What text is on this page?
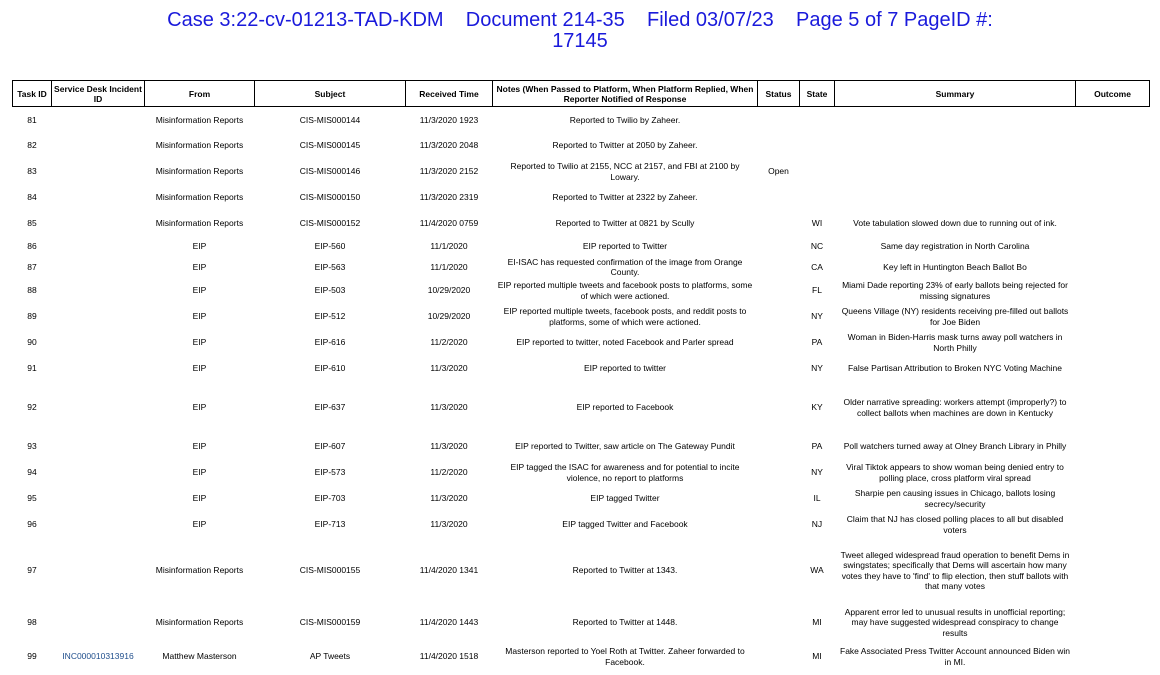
Case 3:22-cv-01213-TAD-KDM Document 214-35 Filed 03/07/23 Page 5 of 7 PageID #:
17145
Task ID	Service Desk Incident ID	From	Subject	Received Time	Notes (When Passed to Platform, When Platform Replied, When Reporter Notified of Response	Status	State	Summary	Outcome
81		Misinformation Reports	CIS-MIS000144	11/3/2020 1923	Reported to Twilio by Zaheer.				
82		Misinformation Reports	CIS-MIS000145	11/3/2020 2048	Reported to Twitter at 2050 by Zaheer.				
83		Misinformation Reports	CIS-MIS000146	11/3/2020 2152	Reported to Twilio at 2155, NCC at 2157, and FBI at 2100 by Lowary.	Open			
84		Misinformation Reports	CIS-MIS000150	11/3/2020 2319	Reported to Twitter at 2322 by Zaheer.				
85		Misinformation Reports	CIS-MIS000152	11/4/2020 0759	Reported to Twitter at 0821 by Scully		WI	Vote tabulation slowed down due to running out of ink.	
86		EIP	EIP-560	11/1/2020	EIP reported to Twitter		NC	Same day registration in North Carolina	
87		EIP	EIP-563	11/1/2020	EI-ISAC has requested confirmation of the image from Orange County.		CA	Key left in Huntington Beach Ballot Bo	
88		EIP	EIP-503	10/29/2020	EIP reported multiple tweets and facebook posts to platforms, some of which were actioned.		FL	Miami Dade reporting 23% of early ballots being rejected for missing signatures	
89		EIP	EIP-512	10/29/2020	EIP reported multiple tweets, facebook posts, and reddit posts to platforms, some of which were actioned.		NY	Queens Village (NY) residents receiving pre-filled out ballots for Joe Biden	
90		EIP	EIP-616	11/2/2020	EIP reported to twitter, noted Facebook and Parler spread		PA	Woman in Biden-Harris mask turns away poll watchers in North Philly	
91		EIP	EIP-610	11/3/2020	EIP reported to twitter		NY	False Partisan Attribution to Broken NYC Voting Machine	
92		EIP	EIP-637	11/3/2020	EIP reported to Facebook		KY	Older narrative spreading: workers attempt (improperly?) to collect ballots when machines are down in Kentucky	
93		EIP	EIP-607	11/3/2020	EIP reported to Twitter, saw article on The Gateway Pundit		PA	Poll watchers turned away at Olney Branch Library in Philly	
94		EIP	EIP-573	11/2/2020	EIP tagged the ISAC for awareness and for potential to incite violence, no report to platforms		NY	Viral Tiktok appears to show woman being denied entry to polling place, cross platform viral spread	
95		EIP	EIP-703	11/3/2020	EIP tagged Twitter		IL	Sharpie pen causing issues in Chicago, ballots losing secrecy/security	
96		EIP	EIP-713	11/3/2020	EIP tagged Twitter and Facebook		NJ	Claim that NJ has closed polling places to all but disabled voters	
97		Misinformation Reports	CIS-MIS000155	11/4/2020 1341	Reported to Twitter at 1343.		WA	Tweet alleged widespread fraud operation to benefit Dems in swingstates; specifically that Dems will ascertain how many votes they have to 'find' to flip election, then stuff ballots with that many votes	
98		Misinformation Reports	CIS-MIS000159	11/4/2020 1443	Reported to Twitter at 1448.		MI	Apparent error led to unusual results in unofficial reporting; may have suggested widespread conspiracy to change results	
99	INC000010313916	Matthew Masterson	AP Tweets	11/4/2020 1518	Masterson reported to Yoel Roth at Twitter. Zaheer forwarded to Facebook.		MI	Fake Associated Press Twitter Account announced Biden win in MI.	
